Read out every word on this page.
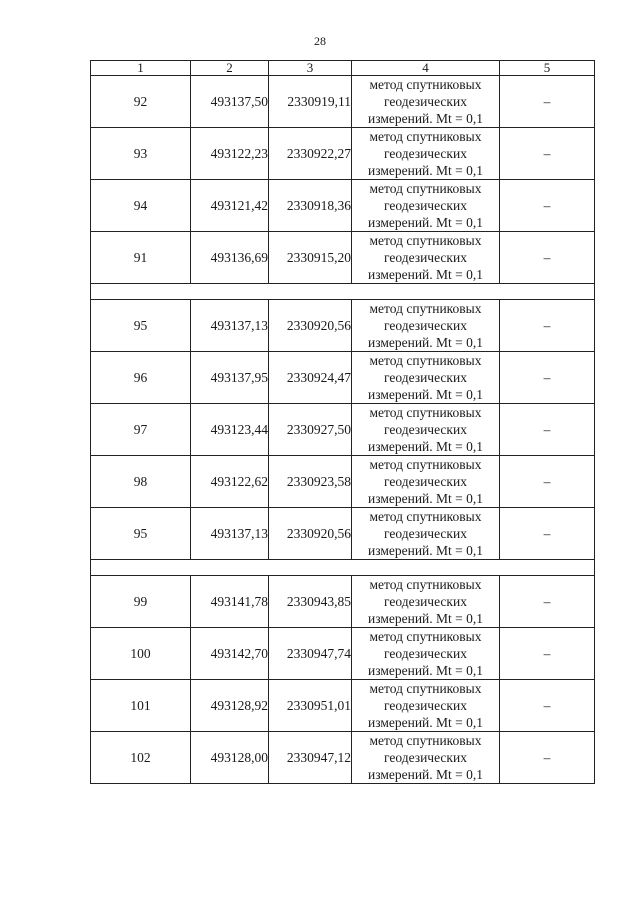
28
1	2	3	4	5
92	493137,50	2330919,11	метод спутниковых
геодезических
измерений. Mt = 0,1	–
93	493122,23	2330922,27	метод спутниковых
геодезических
измерений. Mt = 0,1	–
94	493121,42	2330918,36	метод спутниковых
геодезических
измерений. Mt = 0,1	–
91	493136,69	2330915,20	метод спутниковых
геодезических
измерений. Mt = 0,1	–

95	493137,13	2330920,56	метод спутниковых
геодезических
измерений. Mt = 0,1	–
96	493137,95	2330924,47	метод спутниковых
геодезических
измерений. Mt = 0,1	–
97	493123,44	2330927,50	метод спутниковых
геодезических
измерений. Mt = 0,1	–
98	493122,62	2330923,58	метод спутниковых
геодезических
измерений. Mt = 0,1	–
95	493137,13	2330920,56	метод спутниковых
геодезических
измерений. Mt = 0,1	–

99	493141,78	2330943,85	метод спутниковых
геодезических
измерений. Mt = 0,1	–
100	493142,70	2330947,74	метод спутниковых
геодезических
измерений. Mt = 0,1	–
101	493128,92	2330951,01	метод спутниковых
геодезических
измерений. Mt = 0,1	–
102	493128,00	2330947,12	метод спутниковых
геодезических
измерений. Mt = 0,1	–
